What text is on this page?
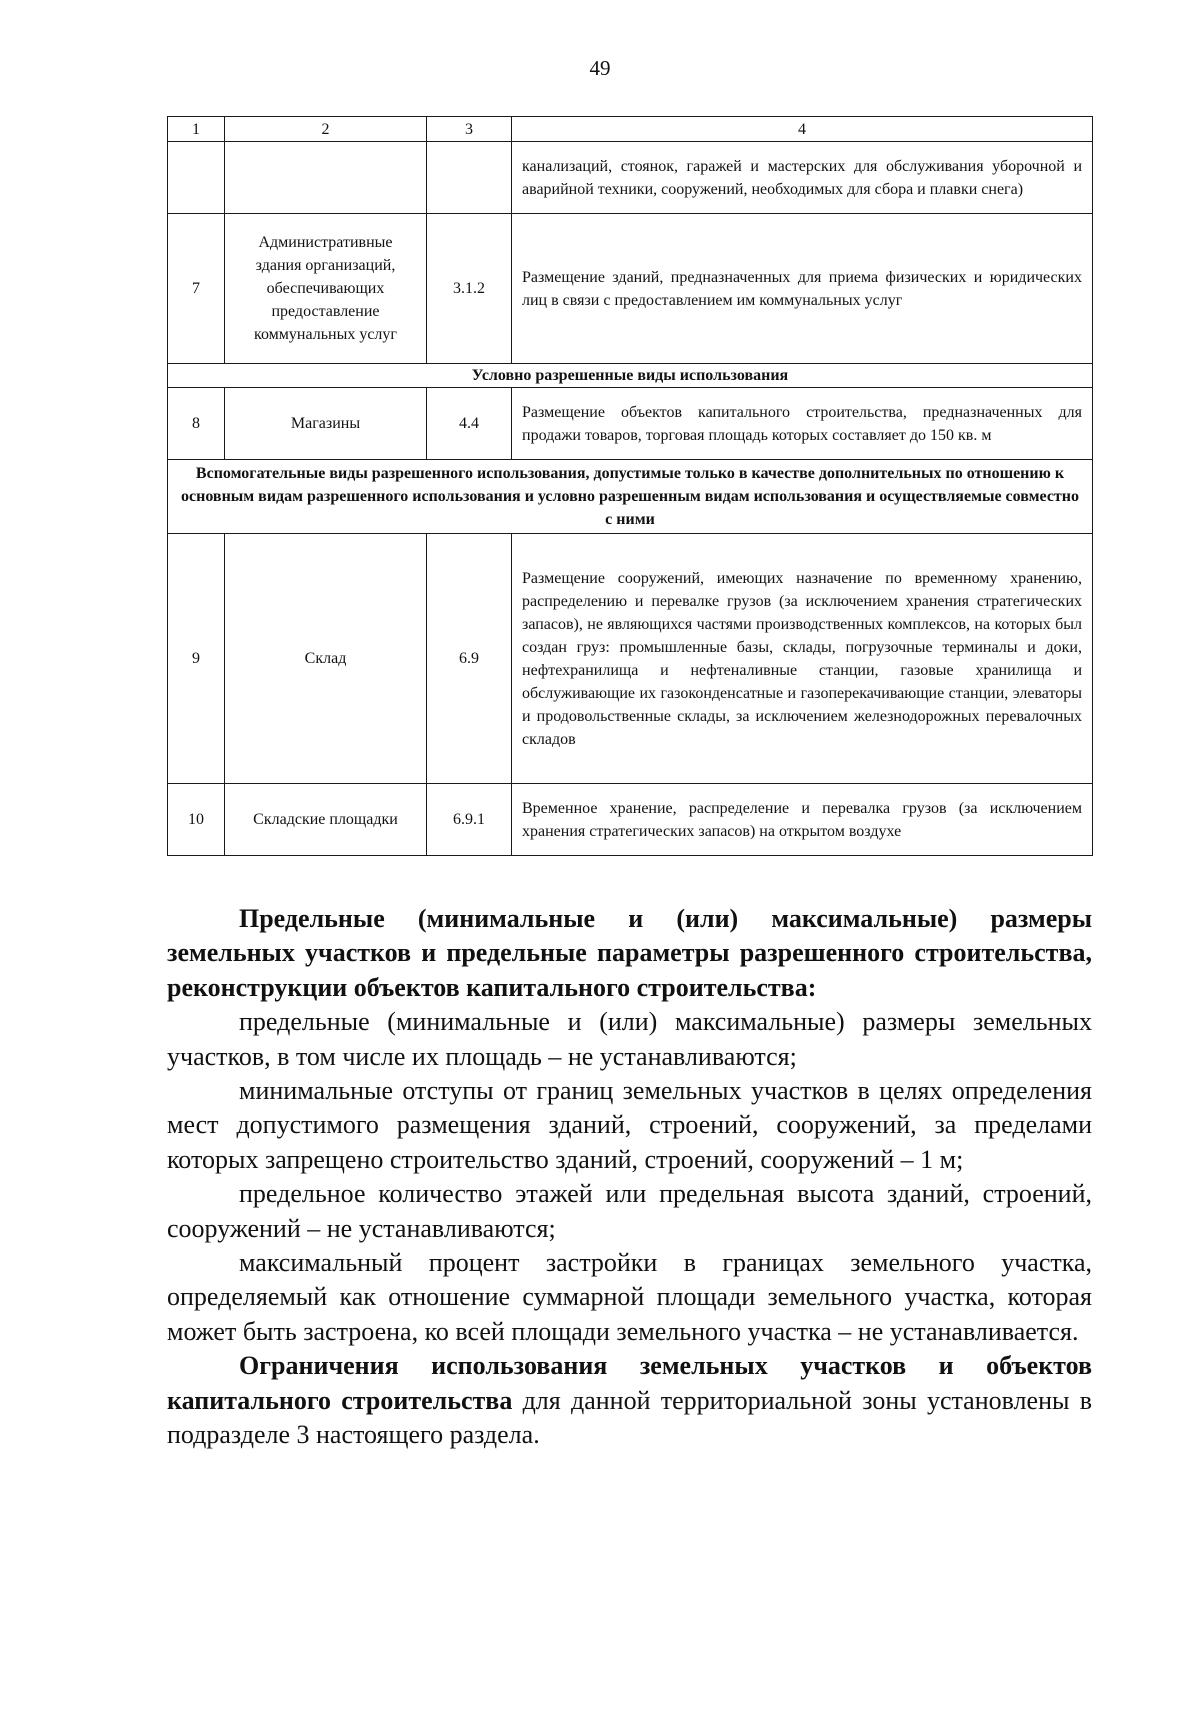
49
1	2	3	4
			канализаций, стоянок, гаражей и мастерских для обслуживания уборочной и аварийной техники, сооружений, необходимых для сбора и плавки снега)
7	Административные здания организаций, обеспечивающих предоставление коммунальных услуг	3.1.2	Размещение зданий, предназначенных для приема физических и юридических лиц в связи с предоставлением им коммунальных услуг
Условно разрешенные виды использования			
8	Магазины	4.4	Размещение объектов капитального строительства, предназначенных для продажи товаров, торговая площадь которых составляет до 150 кв. м
Вспомогательные виды разрешенного использования, допустимые только в качестве дополнительных по отношению к основным видам разрешенного использования и условно разрешенным видам использования и осуществляемые совместно с ними			
9	Склад	6.9	Размещение сооружений, имеющих назначение по временному хранению, распределению и перевалке грузов (за исключением хранения стратегических запасов), не являющихся частями производственных комплексов, на которых был создан груз: промышленные базы, склады, погрузочные терминалы и доки, нефтехранилища и нефтеналивные станции, газовые хранилища и обслуживающие их газоконденсатные и газоперекачивающие станции, элеваторы и продовольственные склады, за исключением железнодорожных перевалочных складов
10	Складские площадки	6.9.1	Временное хранение, распределение и перевалка грузов (за исключением хранения стратегических запасов) на открытом воздухе

Предельные (минимальные и (или) максимальные) размеры земельных участков и предельные параметры разрешенного строительства, реконструкции объектов капитального строительства:

предельные (минимальные и (или) максимальные) размеры земельных участков, в том числе их площадь – не устанавливаются;

минимальные отступы от границ земельных участков в целях определения мест допустимого размещения зданий, строений, сооружений, за пределами которых запрещено строительство зданий, строений, сооружений – 1 м;

предельное количество этажей или предельная высота зданий, строений, сооружений – не устанавливаются;

максимальный процент застройки в границах земельного участка, определяемый как отношение суммарной площади земельного участка, которая может быть застроена, ко всей площади земельного участка – не устанавливается.

Ограничения использования земельных участков и объектов капитального строительства для данной территориальной зоны установлены в подразделе 3 настоящего раздела.
